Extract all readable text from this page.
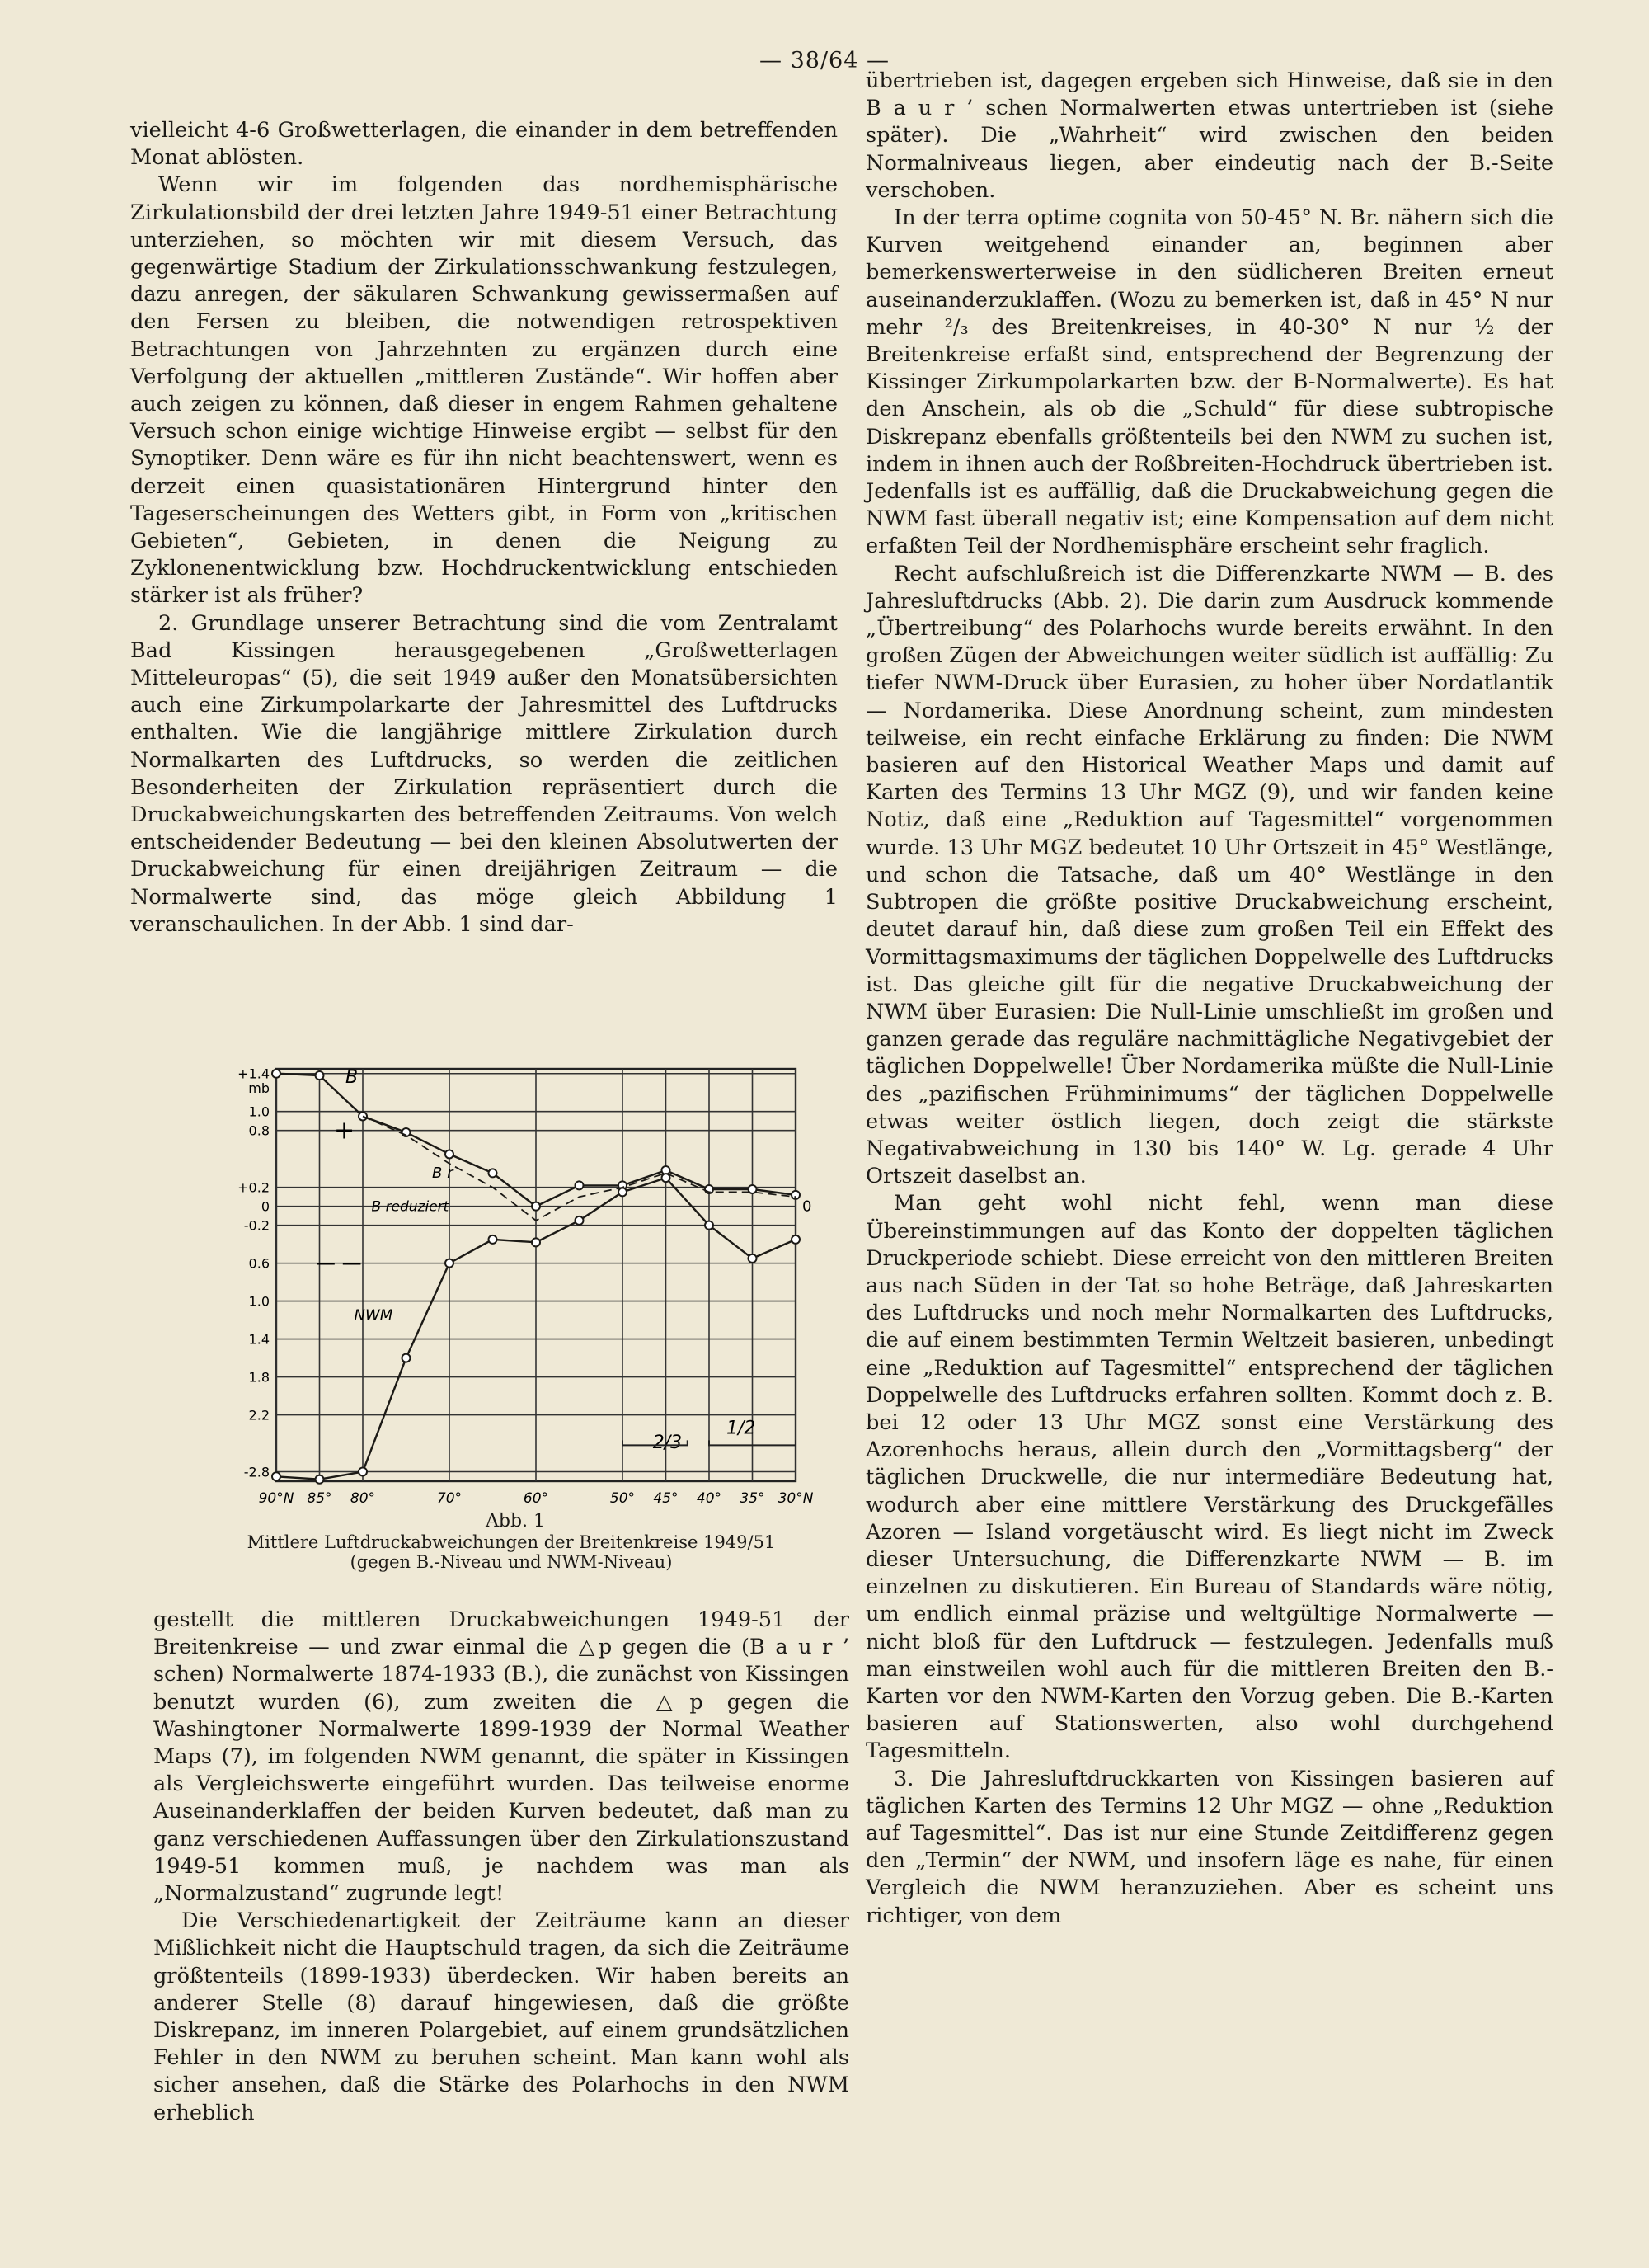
— 38/64 —

vielleicht 4-6 Großwetterlagen, die einander in dem betreffenden Monat ablösten.

Wenn wir im folgenden das nordhemisphärische Zirkulationsbild der drei letzten Jahre 1949-51 einer Betrachtung unterziehen, so möchten wir mit diesem Versuch, das gegenwärtige Stadium der Zirkulationsschwankung festzulegen, dazu anregen, der säkularen Schwankung gewissermaßen auf den Fersen zu bleiben, die notwendigen retrospektiven Betrachtungen von Jahrzehnten zu ergänzen durch eine Verfolgung der aktuellen „mittleren Zustände“. Wir hoffen aber auch zeigen zu können, daß dieser in engem Rahmen gehaltene Versuch schon einige wichtige Hinweise ergibt — selbst für den Synoptiker. Denn wäre es für ihn nicht beachtenswert, wenn es derzeit einen quasistationären Hintergrund hinter den Tageserscheinungen des Wetters gibt, in Form von „kritischen Gebieten“, Gebieten, in denen die Neigung zu Zyklonenentwicklung bzw. Hochdruckentwicklung entschieden stärker ist als früher?

2. Grundlage unserer Betrachtung sind die vom Zentralamt Bad Kissingen herausgegebenen „Großwetterlagen Mitteleuropas“ (5), die seit 1949 außer den Monatsübersichten auch eine Zirkumpolarkarte der Jahresmittel des Luftdrucks enthalten. Wie die langjährige mittlere Zirkulation durch Normalkarten des Luftdrucks, so werden die zeitlichen Besonderheiten der Zirkulation repräsentiert durch die Druckabweichungskarten des betreffenden Zeitraums. Von welch entscheidender Bedeutung — bei den kleinen Absolutwerten der Druckabweichung für einen dreijährigen Zeitraum — die Normalwerte sind, das möge gleich Abbildung 1 veranschaulichen. In der Abb. 1 sind dar-

90°N 85° 80°	70°	60°	50° 45° 40° 35° 30°N
+1.4
mb
1.0
0.8
+0.2
0
-0.2
0.6
1.0
1.4
1.8
2.2
-2.8
+
— —
0
B
B r
B reduziert
NWM
2/3
1/2
Abb. 1
Mittlere Luftdruckabweichungen der Breitenkreise 1949/51
(gegen B.-Niveau und NWM-Niveau)

gestellt die mittleren Druckabweichungen 1949-51 der Breitenkreise — und zwar einmal die △p gegen die (B a u r ’ schen) Normalwerte 1874-1933 (B.), die zunächst von Kissingen benutzt wurden (6), zum zweiten die △p gegen die Washingtoner Normalwerte 1899-1939 der Normal Weather Maps (7), im folgenden NWM genannt, die später in Kissingen als Vergleichswerte eingeführt wurden. Das teilweise enorme Auseinanderklaffen der beiden Kurven bedeutet, daß man zu ganz verschiedenen Auffassungen über den Zirkulationszustand 1949-51 kommen muß, je nachdem was man als „Normalzustand“ zugrunde legt!

Die Verschiedenartigkeit der Zeiträume kann an dieser Mißlichkeit nicht die Hauptschuld tragen, da sich die Zeiträume größtenteils (1899-1933) überdecken. Wir haben bereits an anderer Stelle (8) darauf hingewiesen, daß die größte Diskrepanz, im inneren Polargebiet, auf einem grundsätzlichen Fehler in den NWM zu beruhen scheint. Man kann wohl als sicher ansehen, daß die Stärke des Polarhochs in den NWM erheblich

übertrieben ist, dagegen ergeben sich Hinweise, daß sie in den B a u r ’ schen Normalwerten etwas untertrieben ist (siehe später). Die „Wahrheit“ wird zwischen den beiden Normalniveaus liegen, aber eindeutig nach der B.-Seite verschoben.

In der terra optime cognita von 50-45° N. Br. nähern sich die Kurven weitgehend einander an, beginnen aber bemerkenswerterweise in den südlicheren Breiten erneut auseinanderzuklaffen. (Wozu zu bemerken ist, daß in 45° N nur mehr ²/₃ des Breitenkreises, in 40-30° N nur ½ der Breitenkreise erfaßt sind, entsprechend der Begrenzung der Kissinger Zirkumpolarkarten bzw. der B-Normalwerte). Es hat den Anschein, als ob die „Schuld“ für diese subtropische Diskrepanz ebenfalls größtenteils bei den NWM zu suchen ist, indem in ihnen auch der Roßbreiten-Hochdruck übertrieben ist. Jedenfalls ist es auffällig, daß die Druckabweichung gegen die NWM fast überall negativ ist; eine Kompensation auf dem nicht erfaßten Teil der Nordhemisphäre erscheint sehr fraglich.

Recht aufschlußreich ist die Differenzkarte NWM — B. des Jahresluftdrucks (Abb. 2). Die darin zum Ausdruck kommende „Übertreibung“ des Polarhochs wurde bereits erwähnt. In den großen Zügen der Abweichungen weiter südlich ist auffällig: Zu tiefer NWM-Druck über Eurasien, zu hoher über Nordatlantik — Nordamerika. Diese Anordnung scheint, zum mindesten teilweise, ein recht einfache Erklärung zu finden: Die NWM basieren auf den Historical Weather Maps und damit auf Karten des Termins 13 Uhr MGZ (9), und wir fanden keine Notiz, daß eine „Reduktion auf Tagesmittel“ vorgenommen wurde. 13 Uhr MGZ bedeutet 10 Uhr Ortszeit in 45° Westlänge, und schon die Tatsache, daß um 40° Westlänge in den Subtropen die größte positive Druckabweichung erscheint, deutet darauf hin, daß diese zum großen Teil ein Effekt des Vormittagsmaximums der täglichen Doppelwelle des Luftdrucks ist. Das gleiche gilt für die negative Druckabweichung der NWM über Eurasien: Die Null-Linie umschließt im großen und ganzen gerade das reguläre nachmittägliche Negativgebiet der täglichen Doppelwelle! Über Nordamerika müßte die Null-Linie des „pazifischen Frühminimums“ der täglichen Doppelwelle etwas weiter östlich liegen, doch zeigt die stärkste Negativabweichung in 130 bis 140° W. Lg. gerade 4 Uhr Ortszeit daselbst an.

Man geht wohl nicht fehl, wenn man diese Übereinstimmungen auf das Konto der doppelten täglichen Druckperiode schiebt. Diese erreicht von den mittleren Breiten aus nach Süden in der Tat so hohe Beträge, daß Jahreskarten des Luftdrucks und noch mehr Normalkarten des Luftdrucks, die auf einem bestimmten Termin Weltzeit basieren, unbedingt eine „Reduktion auf Tagesmittel“ entsprechend der täglichen Doppelwelle des Luftdrucks erfahren sollten. Kommt doch z. B. bei 12 oder 13 Uhr MGZ sonst eine Verstärkung des Azorenhochs heraus, allein durch den „Vormittagsberg“ der täglichen Druckwelle, die nur intermediäre Bedeutung hat, wodurch aber eine mittlere Verstärkung des Druckgefälles Azoren — Island vorgetäuscht wird. Es liegt nicht im Zweck dieser Untersuchung, die Differenzkarte NWM — B. im einzelnen zu diskutieren. Ein Bureau of Standards wäre nötig, um endlich einmal präzise und weltgültige Normalwerte — nicht bloß für den Luftdruck — festzulegen. Jedenfalls muß man einstweilen wohl auch für die mittleren Breiten den B.-Karten vor den NWM-Karten den Vorzug geben. Die B.-Karten basieren auf Stationswerten, also wohl durchgehend Tagesmitteln.

3. Die Jahresluftdruckkarten von Kissingen basieren auf täglichen Karten des Termins 12 Uhr MGZ — ohne „Reduktion auf Tagesmittel“. Das ist nur eine Stunde Zeitdifferenz gegen den „Termin“ der NWM, und insofern läge es nahe, für einen Vergleich die NWM heranzuziehen. Aber es scheint uns richtiger, von dem
